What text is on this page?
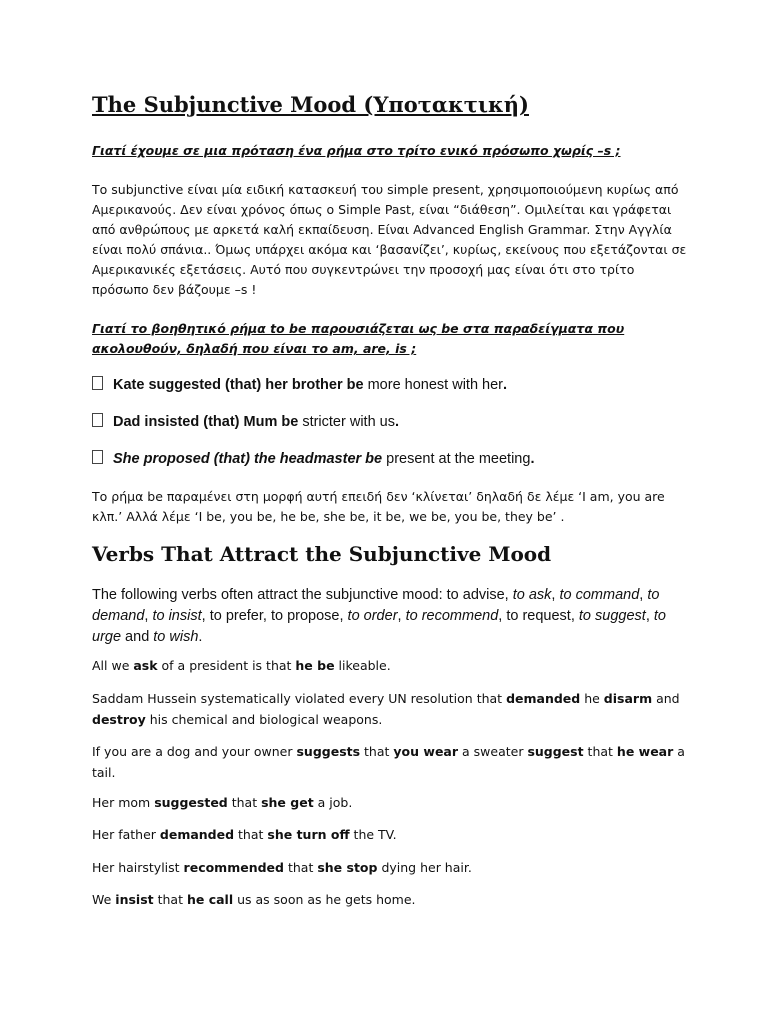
The Subjunctive Mood (Υποτακτική)

Γιατί έχουμε σε μια πρόταση ένα ρήμα στο τρίτο ενικό πρόσωπο χωρίς –s ;

Το subjunctive είναι μία ειδική κατασκευή του simple present, χρησιμοποιούμενη κυρίως από Αμερικανούς. Δεν είναι χρόνος όπως ο Simple Past, είναι “διάθεση”. Ομιλείται και γράφεται από ανθρώπους με αρκετά καλή εκπαίδευση. Είναι Advanced English Grammar. Στην Αγγλία είναι πολύ σπάνια.. Όμως υπάρχει ακόμα και ‘βασανίζει’, κυρίως, εκείνους που εξετάζονται σε Αμερικανικές εξετάσεις. Αυτό που συγκεντρώνει την προσοχή μας είναι ότι στο τρίτο πρόσωπο δεν βάζουμε –s !

Γιατί το βοηθητικό ρήμα to be παρουσιάζεται ως be στα παραδείγματα που ακολουθούν, δηλαδή που είναι το am, are, is ;

Kate suggested (that) her brother be more honest with her.

Dad insisted (that) Mum be stricter with us.

She proposed (that) the headmaster be present at the meeting.

Το ρήμα be παραμένει στη μορφή αυτή επειδή δεν ‘κλίνεται’ δηλαδή δε λέμε ‘I am, you are κλπ.’ Αλλά λέμε ‘I be, you be, he be, she be, it be, we be, you be, they be’ .

Verbs That Attract the Subjunctive Mood

The following verbs often attract the subjunctive mood: to advise, to ask, to command, to demand, to insist, to prefer, to propose, to order, to recommend, to request, to suggest, to urge and to wish.

All we ask of a president is that he be likeable.

Saddam Hussein systematically violated every UN resolution that demanded he disarm and destroy his chemical and biological weapons.

If you are a dog and your owner suggests that you wear a sweater suggest that he wear a tail.

Her mom suggested that she get a job.

Her father demanded that she turn off the TV.

Her hairstylist recommended that she stop dying her hair.

We insist that he call us as soon as he gets home.
